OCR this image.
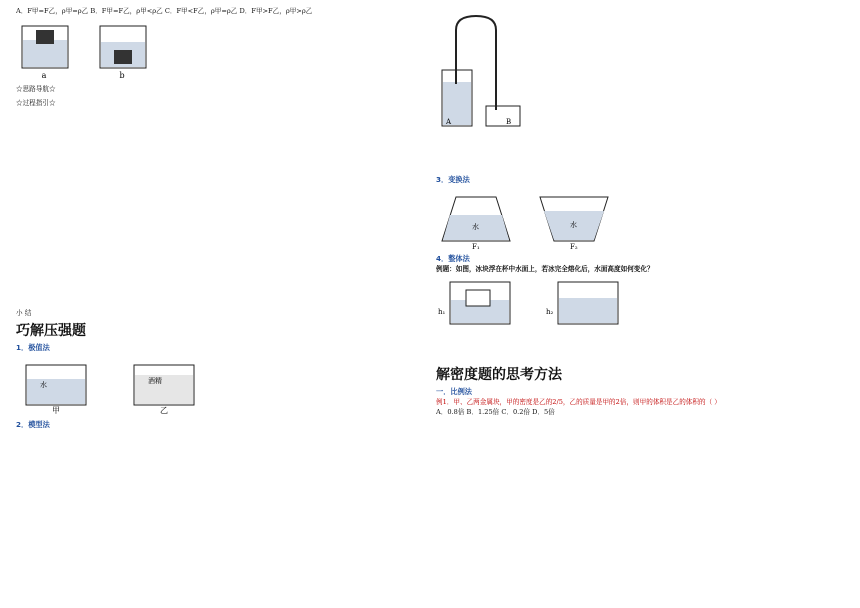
A．F甲=F乙，ρ甲=ρ乙 B．F甲=F乙，ρ甲<ρ乙 C．F甲<F乙，ρ甲=ρ乙 D．F甲>F乙，ρ甲>ρ乙
a	b
☆思路导航☆
☆过程指引☆
小 结
巧解压强题
1．极值法
水
甲
酒精
乙
2．模型法
A	B
3．变换法
水
F₁
水
F₂
4．整体法
例题：如图，冰块浮在杯中水面上，若冰完全熔化后，水面高度如何变化？
h₁	h₂
解密度题的思考方法
一．比例法
例1．甲、乙两金属块，甲的密度是乙的2/5，乙的质量是甲的2倍，则甲的体积是乙的体积的（ ）
A．0.8倍 B．1.25倍 C．0.2倍 D．5倍
